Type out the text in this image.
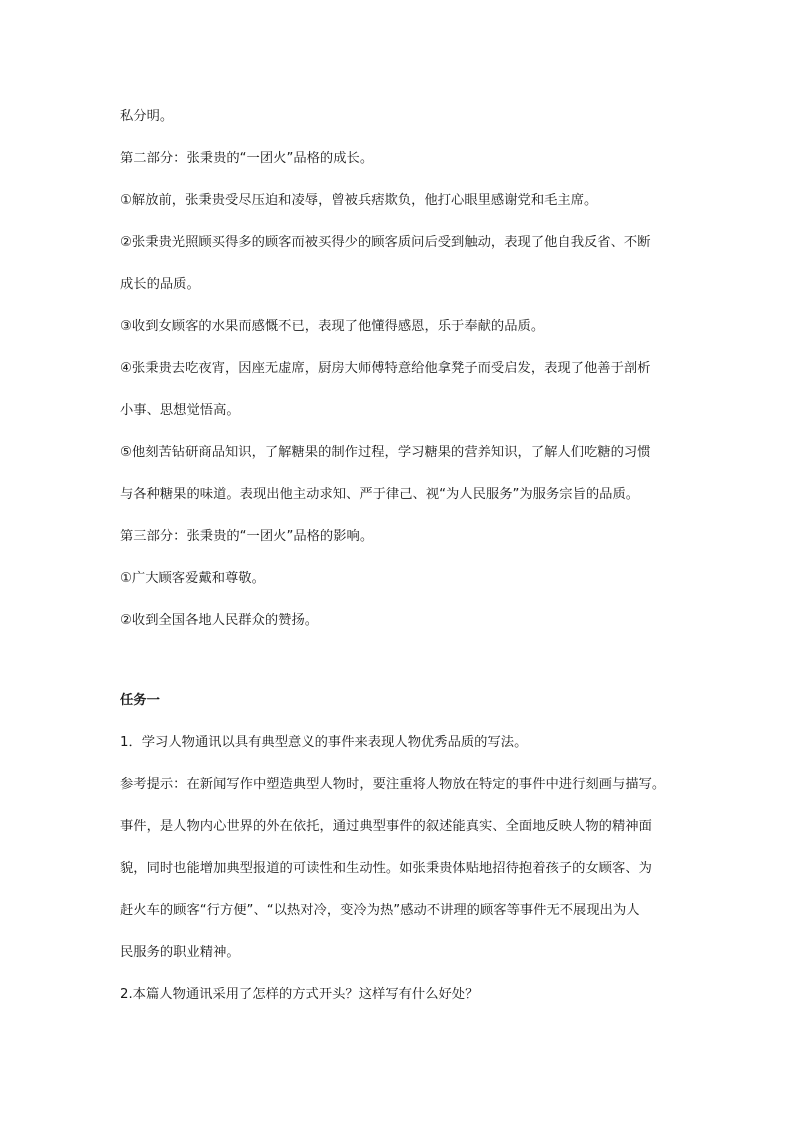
私分明。
第二部分：张秉贵的“一团火”品格的成长。
①解放前，张秉贵受尽压迫和凌辱，曾被兵痞欺负，他打心眼里感谢党和毛主席。
②张秉贵光照顾买得多的顾客而被买得少的顾客质问后受到触动，表现了他自我反省、不断
成长的品质。
③收到女顾客的水果而感慨不已，表现了他懂得感恩，乐于奉献的品质。
④张秉贵去吃夜宵，因座无虚席，厨房大师傅特意给他拿凳子而受启发，表现了他善于剖析
小事、思想觉悟高。
⑤他刻苦钻研商品知识，了解糖果的制作过程，学习糖果的营养知识，了解人们吃糖的习惯
与各种糖果的味道。表现出他主动求知、严于律己、视“为人民服务”为服务宗旨的品质。
第三部分：张秉贵的“一团火”品格的影响。
①广大顾客爱戴和尊敬。
②收到全国各地人民群众的赞扬。
任务一
1．学习人物通讯以具有典型意义的事件来表现人物优秀品质的写法。
参考提示：在新闻写作中塑造典型人物时，要注重将人物放在特定的事件中进行刻画与描写。
事件，是人物内心世界的外在依托，通过典型事件的叙述能真实、全面地反映人物的精神面
貌，同时也能增加典型报道的可读性和生动性。如张秉贵体贴地招待抱着孩子的女顾客、为
赶火车的顾客“行方便”、“以热对冷，变冷为热”感动不讲理的顾客等事件无不展现出为人
民服务的职业精神。
2.本篇人物通讯采用了怎样的方式开头？这样写有什么好处？
